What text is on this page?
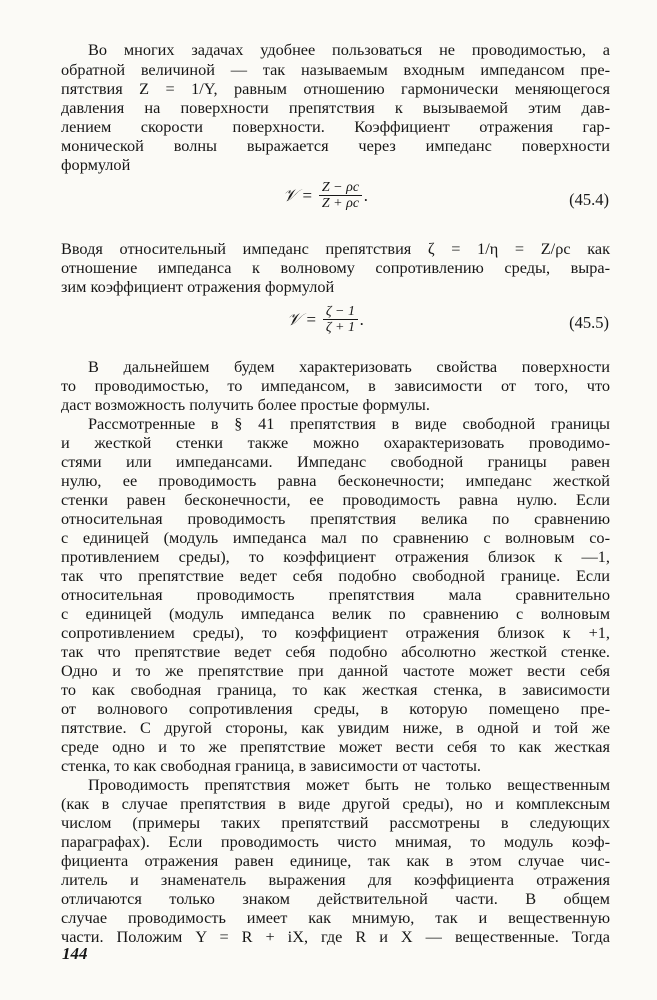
Во многих задачах удобнее пользоваться не проводимостью, а
обратной величиной — так называемым входным импедансом пре-
пятствия Z = 1/Y, равным отношению гармонически меняющегося
давления на поверхности препятствия к вызываемой этим дав-
лением скорости поверхности. Коэффициент отражения гар-
монической волны выражается через импеданс поверхности
формулой
𝒱 = $\frac{Z - \rho c}{Z + \rho c}$ .	(45.4)
Вводя относительный импеданс препятствия ζ = 1/η = Z/ρc как
отношение импеданса к волновому сопротивлению среды, выра-
зим коэффициент отражения формулой
𝒱 = $\frac{\zeta - 1}{\zeta + 1}$ .	(45.5)
В дальнейшем будем характеризовать свойства поверхности
то проводимостью, то импедансом, в зависимости от того, что
даст возможность получить более простые формулы.
Рассмотренные в § 41 препятствия в виде свободной границы
и жесткой стенки также можно охарактеризовать проводимо-
стями или импедансами. Импеданс свободной границы равен
нулю, ее проводимость равна бесконечности; импеданс жесткой
стенки равен бесконечности, ее проводимость равна нулю. Если
относительная проводимость препятствия велика по сравнению
с единицей (модуль импеданса мал по сравнению с волновым со-
противлением среды), то коэффициент отражения близок к —1,
так что препятствие ведет себя подобно свободной границе. Если
относительная проводимость препятствия мала сравнительно
с единицей (модуль импеданса велик по сравнению с волновым
сопротивлением среды), то коэффициент отражения близок к +1,
так что препятствие ведет себя подобно абсолютно жесткой стенке.
Одно и то же препятствие при данной частоте может вести себя
то как свободная граница, то как жесткая стенка, в зависимости
от волнового сопротивления среды, в которую помещено пре-
пятствие. С другой стороны, как увидим ниже, в одной и той же
среде одно и то же препятствие может вести себя то как жесткая
стенка, то как свободная граница, в зависимости от частоты.
Проводимость препятствия может быть не только вещественным
(как в случае препятствия в виде другой среды), но и комплексным
числом (примеры таких препятствий рассмотрены в следующих
параграфах). Если проводимость чисто мнимая, то модуль коэф-
фициента отражения равен единице, так как в этом случае чис-
литель и знаменатель выражения для коэффициента отражения
отличаются только знаком действительной части. В общем
случае проводимость имеет как мнимую, так и вещественную
части. Положим Y = R + iX, где R и X — вещественные. Тогда
144
